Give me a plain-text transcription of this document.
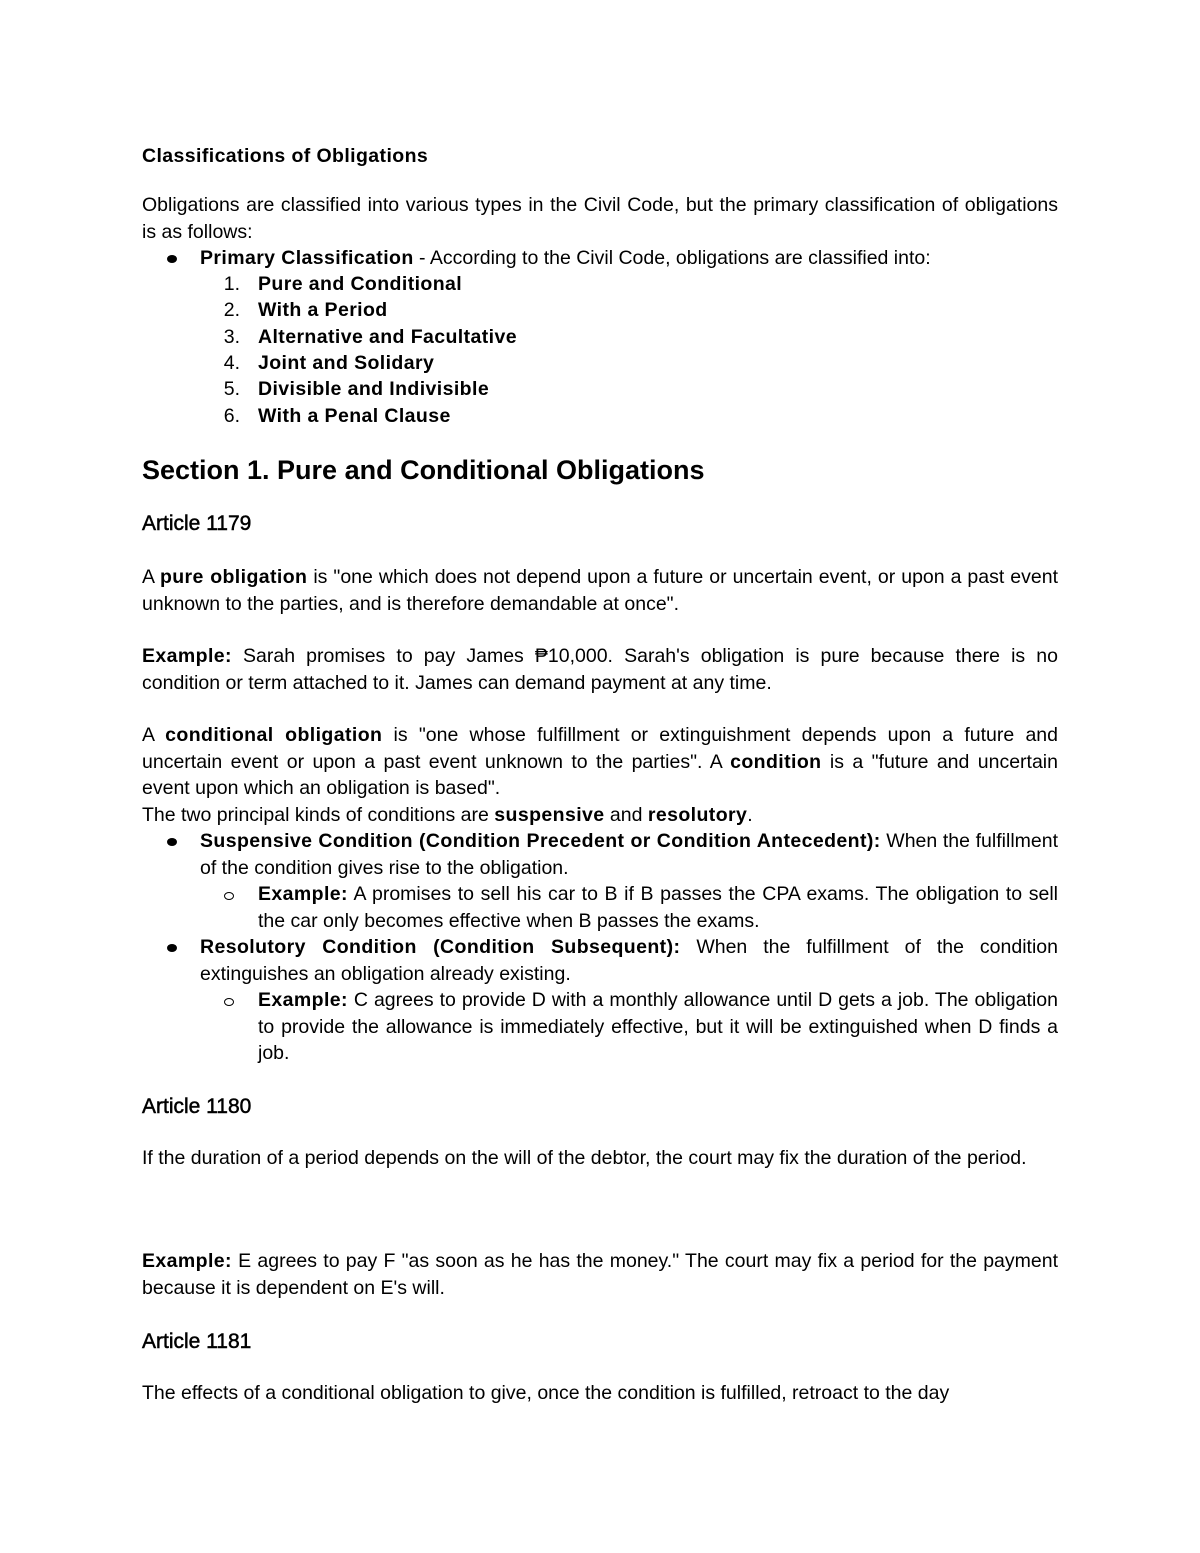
Classifications of Obligations

Obligations are classified into various types in the Civil Code, but the primary classification of obligations is as follows:

Primary Classification - According to the Civil Code, obligations are classified into:
1. Pure and Conditional
2. With a Period
3. Alternative and Facultative
4. Joint and Solidary
5. Divisible and Indivisible
6. With a Penal Clause
Section 1. Pure and Conditional Obligations
Article 1179

A pure obligation is "one which does not depend upon a future or uncertain event, or upon a past event unknown to the parties, and is therefore demandable at once".

Example: Sarah promises to pay James ₱10,000. Sarah's obligation is pure because there is no condition or term attached to it. James can demand payment at any time.

A conditional obligation is "one whose fulfillment or extinguishment depends upon a future and uncertain event or upon a past event unknown to the parties". A condition is a "future and uncertain event upon which an obligation is based".

The two principal kinds of conditions are suspensive and resolutory.

Suspensive Condition (Condition Precedent or Condition Antecedent): When the fulfillment of the condition gives rise to the obligation.

Example: A promises to sell his car to B if B passes the CPA exams. The obligation to sell the car only becomes effective when B passes the exams.

Resolutory Condition (Condition Subsequent): When the fulfillment of the condition extinguishes an obligation already existing.

Example: C agrees to provide D with a monthly allowance until D gets a job. The obligation to provide the allowance is immediately effective, but it will be extinguished when D finds a job.

Article 1180

If the duration of a period depends on the will of the debtor, the court may fix the duration of the period.

Example: E agrees to pay F "as soon as he has the money." The court may fix a period for the payment because it is dependent on E's will.

Article 1181

The effects of a conditional obligation to give, once the condition is fulfilled, retroact to the day
